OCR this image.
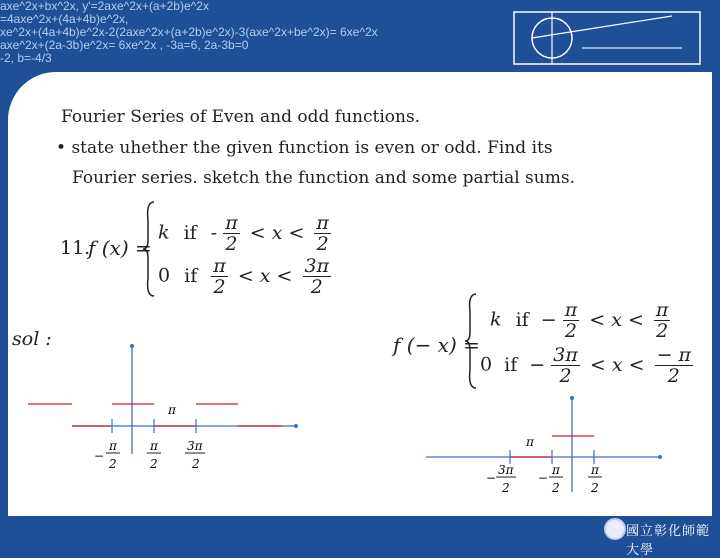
axe^2x+bx^2x, y'=2axe^2x+(a+2b)e^2x
=4axe^2x+(4a+4b)e^2x,
xe^2x+(4a+4b)e^2x-2(2axe^2x+(a+2b)e^2x)-3(axe^2x+be^2x)= 6xe^2x
axe^2x+(2a-3b)e^2x= 6xe^2x , -3a=6, 2a-3b=0
-2, b=-4/3
Fourier Series of Even and odd functions.
• state uhether the given function is even or odd. Find its
Fourier series. sketch the function and some partial sums.
11.
f (x) =
k if - $\frac{\pi}{2} < x < \frac{\pi}{2}$
0 if $\frac{\pi}{2} < x < \frac{3\pi}{2}$
sol :	f (− x) =
k if − $\frac{\pi}{2} < x < \frac{\pi}{2}$
0 if − $\frac{3\pi}{2} < x < \frac{- \pi}{2}$
π
−
π
2
π
2
3π
2
π
−
3π
2
−
π
2
π
2
國立彰化師範大學
